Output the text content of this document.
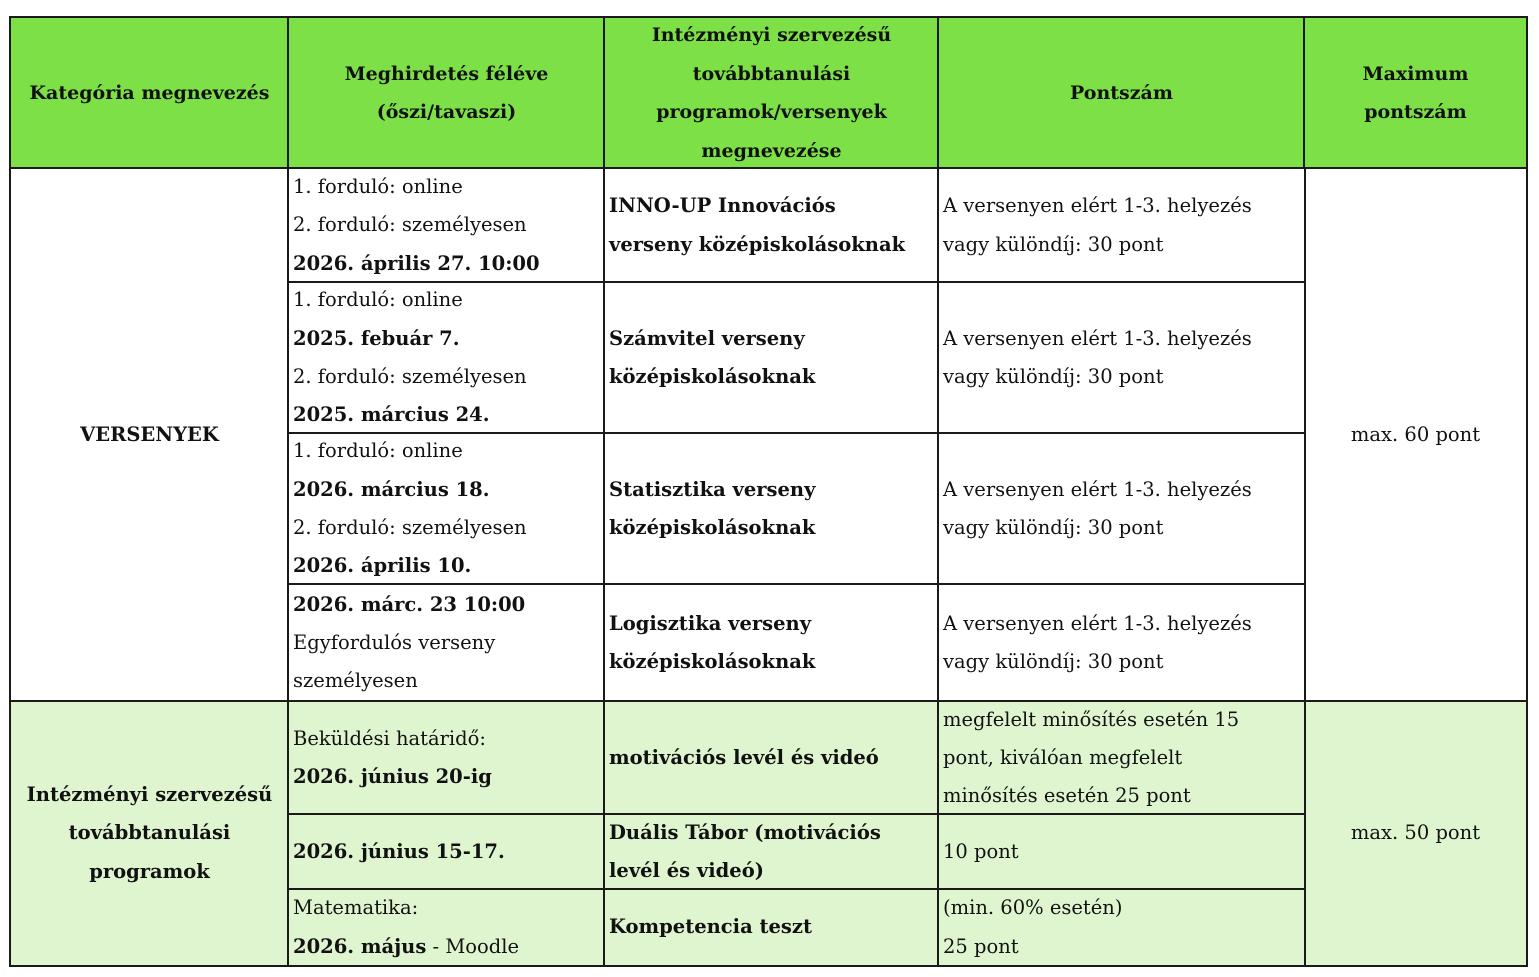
Kategória megnevezés
Meghirdetés féléve
(őszi/tavaszi)
Intézményi szervezésű
továbbtanulási
programok/versenyek
megnevezése
Pontszám
Maximum
pontszám
VERSENYEK	max. 60 pont
1. forduló: online
2. forduló: személyesen
2026. április 27. 10:00
INNO-UP Innovációs
verseny középiskolásoknak
A versenyen elért 1-3. helyezés
vagy különdíj: 30 pont
1. forduló: online
2025. febuár 7.
2. forduló: személyesen
2025. március 24.
Számvitel verseny
középiskolásoknak
A versenyen elért 1-3. helyezés
vagy különdíj: 30 pont
1. forduló: online
2026. március 18.
2. forduló: személyesen
2026. április 10.
Statisztika verseny
középiskolásoknak
A versenyen elért 1-3. helyezés
vagy különdíj: 30 pont
2026. márc. 23 10:00
Egyfordulós verseny
személyesen
Logisztika verseny
középiskolásoknak
A versenyen elért 1-3. helyezés
vagy különdíj: 30 pont
Intézményi szervezésű
továbbtanulási
programok
max. 50 pont
Beküldési határidő:
2026. június 20-ig
motivációs levél és videó
megfelelt minősítés esetén 15
pont, kiválóan megfelelt
minősítés esetén 25 pont
2026. június 15-17.
Duális Tábor (motivációs
levél és videó)
10 pont
Matematika:
2026. május - Moodle
Kompetencia teszt
(min. 60% esetén)
25 pont
